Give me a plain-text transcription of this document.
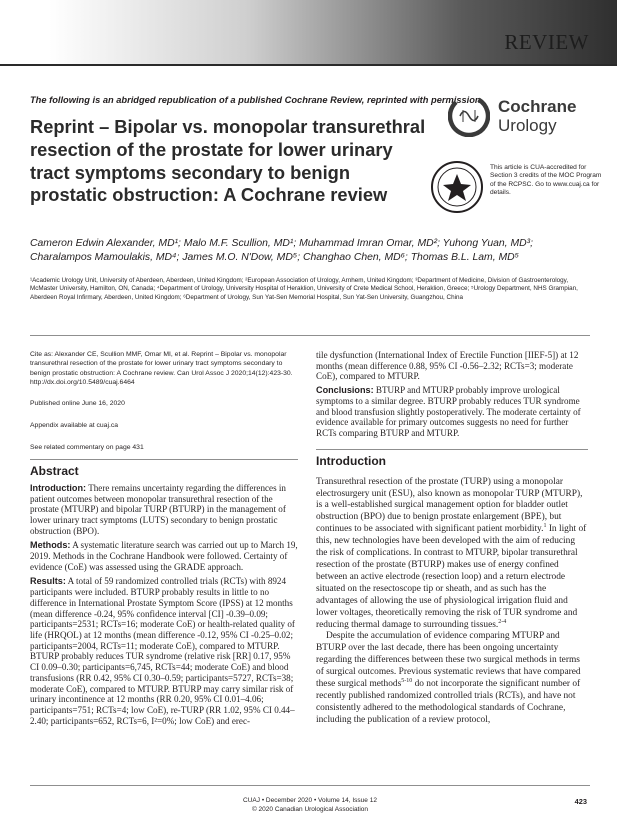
REVIEW
The following is an abridged republication of a published Cochrane Review, reprinted with permission.
Reprint – Bipolar vs. monopolar transurethral resection of the prostate for lower urinary tract symptoms secondary to benign prostatic obstruction: A Cochrane review
Cochrane
Urology
This article is CUA-accredited for Section 3 credits of the MOC Program of the RCPSC. Go to www.cuaj.ca for details.
Cameron Edwin Alexander, MD¹; Malo M.F. Scullion, MD¹; Muhammad Imran Omar, MD²; Yuhong Yuan, MD³; Charalampos Mamoulakis, MD⁴; James M.O. N'Dow, MD⁵; Changhao Chen, MD⁶; Thomas B.L. Lam, MD⁵
¹Academic Urology Unit, University of Aberdeen, Aberdeen, United Kingdom; ²European Association of Urology, Arnhem, United Kingdom; ³Department of Medicine, Division of Gastroenterology, McMaster University, Hamilton, ON, Canada; ⁴Department of Urology, University Hospital of Heraklion, University of Crete Medical School, Heraklion, Greece; ⁵Urology Department, NHS Grampian, Aberdeen Royal Infirmary, Aberdeen, United Kingdom; ⁶Department of Urology, Sun Yat-Sen Memorial Hospital, Sun Yat-Sen University, Guangzhou, China

Cite as: Alexander CE, Scullion MMF, Omar MI, et al. Reprint – Bipolar vs. monopolar transurethral resection of the prostate for lower urinary tract symptoms secondary to benign prostatic obstruction: A Cochrane review. Can Urol Assoc J 2020;14(12):423-30. http://dx.doi.org/10.5489/cuaj.6464

Published online June 16, 2020

Appendix available at cuaj.ca

See related commentary on page 431

Abstract

Introduction: There remains uncertainty regarding the differences in patient outcomes between monopolar transurethral resection of the prostate (MTURP) and bipolar TURP (BTURP) in the management of lower urinary tract symptoms (LUTS) secondary to benign prostatic obstruction (BPO).

Methods: A systematic literature search was carried out up to March 19, 2019. Methods in the Cochrane Handbook were followed. Certainty of evidence (CoE) was assessed using the GRADE approach.

Results: A total of 59 randomized controlled trials (RCTs) with 8924 participants were included. BTURP probably results in little to no difference in International Prostate Symptom Score (IPSS) at 12 months (mean difference -0.24, 95% confidence interval [CI] -0.39–0.09; participants=2531; RCTs=16; moderate CoE) or health-related quality of life (HRQOL) at 12 months (mean difference -0.12, 95% CI -0.25–0.02; participants=2004, RCTs=11; moderate CoE), compared to MTURP. BTURP probably reduces TUR syndrome (relative risk [RR] 0.17, 95% CI 0.09–0.30; participants=6,745, RCTs=44; moderate CoE) and blood transfusions (RR 0.42, 95% CI 0.30–0.59; participants=5727, RCTs=38; moderate CoE), compared to MTURP. BTURP may carry similar risk of urinary incontinence at 12 months (RR 0.20, 95% CI 0.01–4.06; participants=751; RCTs=4; low CoE), re-TURP (RR 1.02, 95% CI 0.44–2.40; participants=652, RCTs=6, I²=0%; low CoE) and erec-

tile dysfunction (International Index of Erectile Function [IIEF-5]) at 12 months (mean difference 0.88, 95% CI -0.56–2.32; RCTs=3; moderate CoE), compared to MTURP.

Conclusions: BTURP and MTURP probably improve urological symptoms to a similar degree. BTURP probably reduces TUR syndrome and blood transfusion slightly postoperatively. The moderate certainty of evidence available for primary outcomes suggests no need for further RCTs comparing BTURP and MTURP.

Introduction

Transurethral resection of the prostate (TURP) using a monopolar electrosurgery unit (ESU), also known as monopolar TURP (MTURP), is a well-established surgical management option for bladder outlet obstruction (BPO) due to benign prostate enlargement (BPE), but continues to be associated with significant patient morbidity.$^1$ In light of this, new technologies have been developed with the aim of reducing the risk of complications. In contrast to MTURP, bipolar transurethral resection of the prostate (BTURP) makes use of energy confined between an active electrode (resection loop) and a return electrode situated on the resectoscope tip or sheath, and as such has the advantages of allowing the use of physiological irrigation fluid and lower voltages, theoretically removing the risk of TUR syndrome and reducing thermal damage to surrounding tissues.$^{2-4}$

Despite the accumulation of evidence comparing MTURP and BTURP over the last decade, there has been ongoing uncertainty regarding the differences between these two surgical methods in terms of surgical outcomes. Previous systematic reviews that have compared these surgical methods$^{5-10}$ do not incorporate the significant number of recently published randomized controlled trials (RCTs), and have not consistently adhered to the methodological standards of Cochrane, including the publication of a review protocol,

CUAJ • December 2020 • Volume 14, Issue 12
© 2020 Canadian Urological Association
423
